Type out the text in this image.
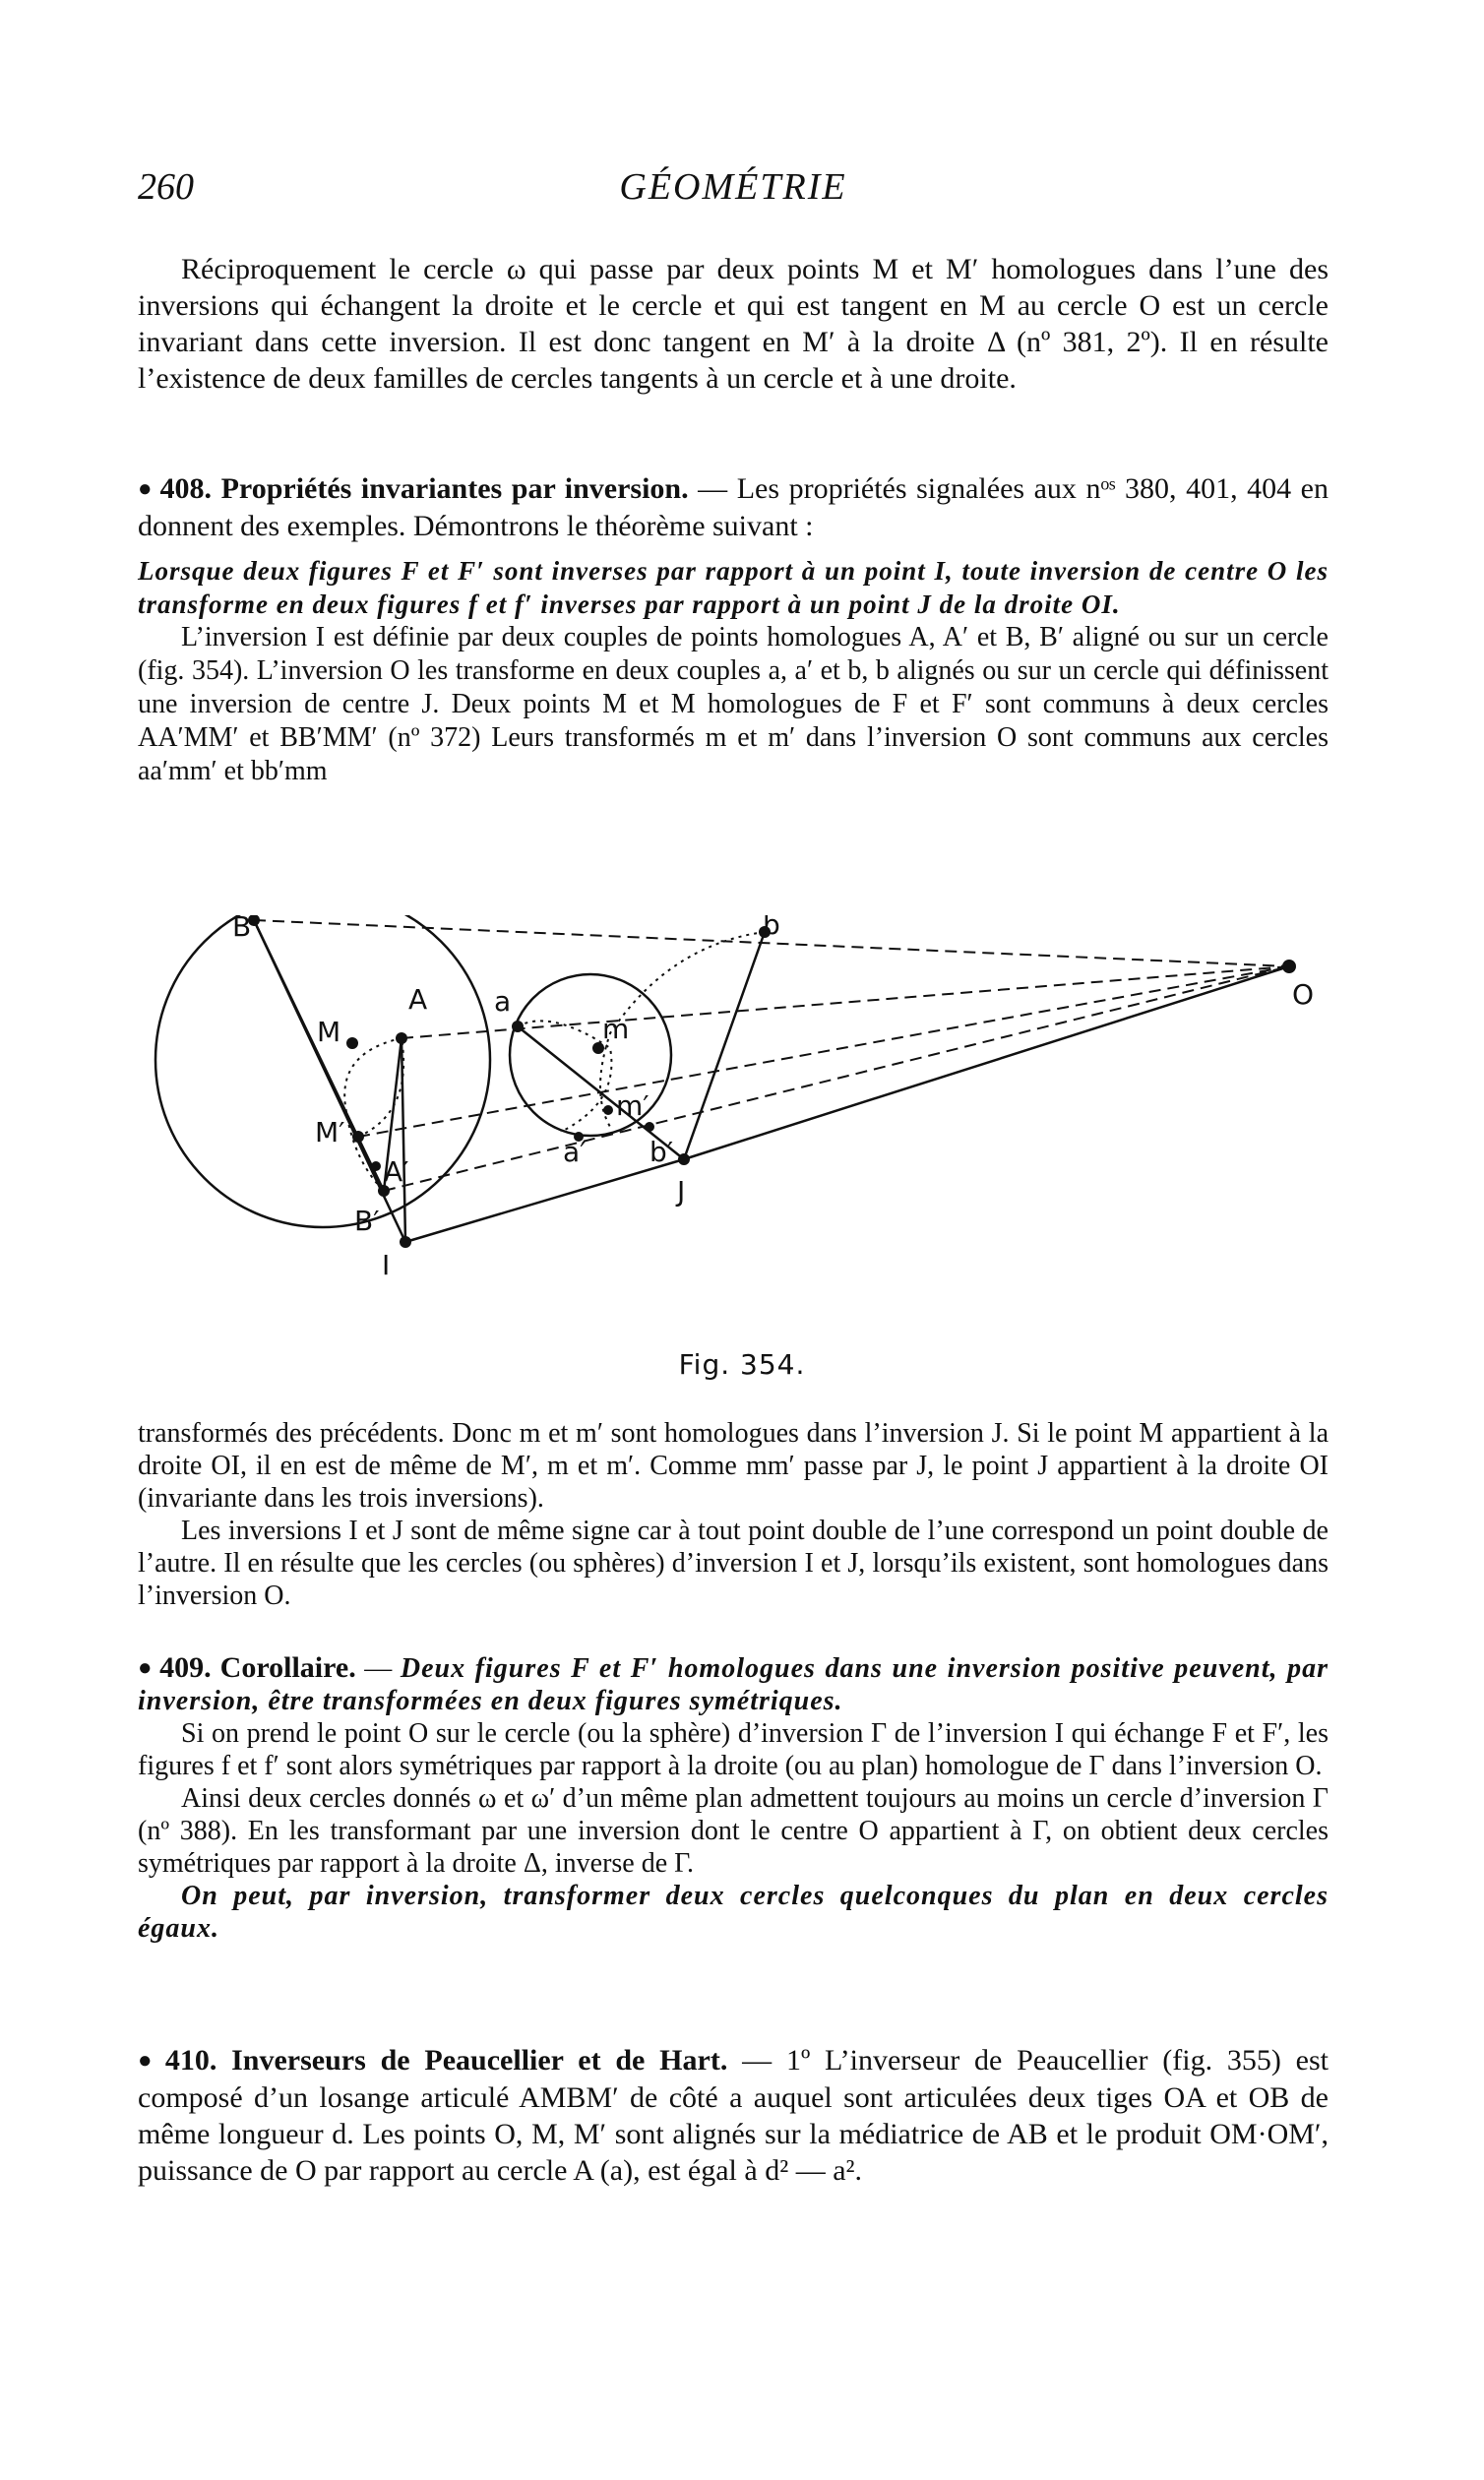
260	GÉOMÉTRIE

Réciproquement le cercle ω qui passe par deux points M et M′ homologues dans l’une des inversions qui échangent la droite et le cercle et qui est tangent en M au cercle O est un cercle invariant dans cette inversion. Il est donc tangent en M′ à la droite Δ (nº 381, 2º). Il en résulte l’existence de deux familles de cercles tangents à un cercle et à une droite.

● 408. Propriétés invariantes par inversion. — Les propriétés signalées aux nᵒˢ 380, 401, 404 en donnent des exemples. Démontrons le théorème suivant :

Lorsque deux figures F et F′ sont inverses par rapport à un point I, toute inversion de centre O les transforme en deux figures f et f′ inverses par rapport à un point J de la droite OI.

L’inversion I est définie par deux couples de points homologues A, A′ et B, B′ aligné ou sur un cercle (fig. 354). L’inversion O les transforme en deux couples a, a′ et b, b alignés ou sur un cercle qui définissent une inversion de centre J. Deux points M et M homologues de F et F′ sont communs à deux cercles AA′MM′ et BB′MM′ (nº 372) Leurs transformés m et m′ dans l’inversion O sont communs aux cercles aa′mm′ et bb′mm

B	b
A a
M	m
O
m′
M′
a′
A′
b′
B′
J
I
Fig. 354.

transformés des précédents. Donc m et m′ sont homologues dans l’inversion J. Si le point M appartient à la droite OI, il en est de même de M′, m et m′. Comme mm′ passe par J, le point J appartient à la droite OI (invariante dans les trois inversions).

Les inversions I et J sont de même signe car à tout point double de l’une correspond un point double de l’autre. Il en résulte que les cercles (ou sphères) d’inversion I et J, lorsqu’ils existent, sont homologues dans l’inversion O.

● 409. Corollaire. — Deux figures F et F′ homologues dans une inversion positive peuvent, par inversion, être transformées en deux figures symétriques.

Si on prend le point O sur le cercle (ou la sphère) d’inversion Γ de l’inversion I qui échange F et F′, les figures f et f′ sont alors symétriques par rapport à la droite (ou au plan) homologue de Γ dans l’inversion O.

Ainsi deux cercles donnés ω et ω′ d’un même plan admettent toujours au moins un cercle d’inversion Γ (nº 388). En les transformant par une inversion dont le centre O appartient à Γ, on obtient deux cercles symétriques par rapport à la droite Δ, inverse de Γ.

On peut, par inversion, transformer deux cercles quelconques du plan en deux cercles égaux.

● 410. Inverseurs de Peaucellier et de Hart. — 1º L’inverseur de Peaucellier (fig. 355) est composé d’un losange articulé AMBM′ de côté a auquel sont articulées deux tiges OA et OB de même longueur d. Les points O, M, M′ sont alignés sur la médiatrice de AB et le produit OM·OM′, puissance de O par rapport au cercle A (a), est égal à d² — a².
